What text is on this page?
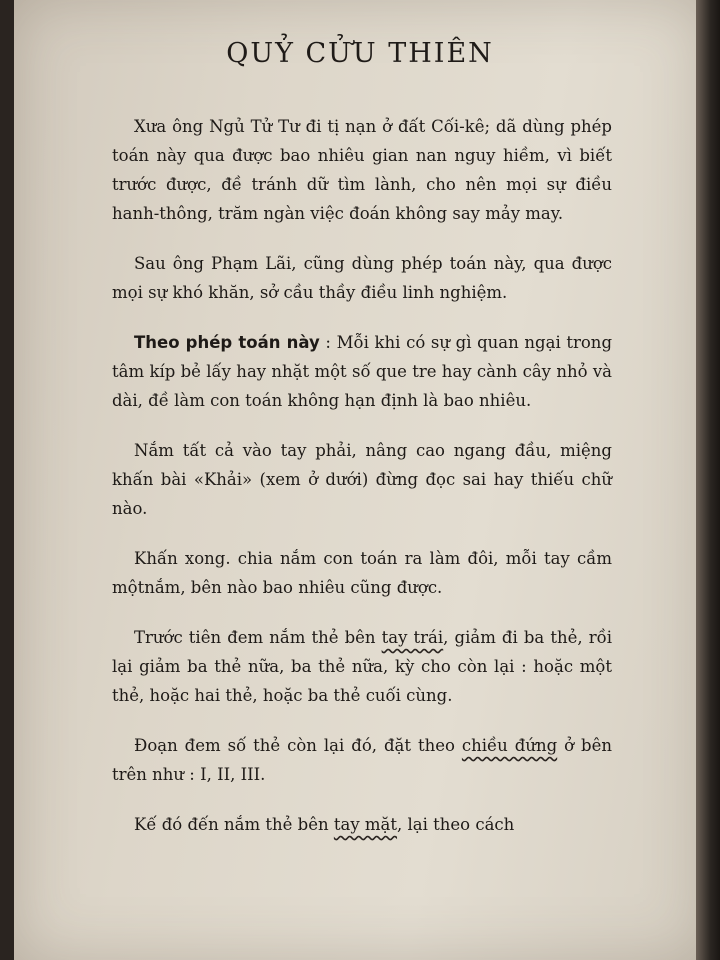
QUỶ CỬU THIÊN

Xưa ông Ngủ Tử Tư đi tị nạn ở đất Cối-kê; dã dùng phép toán này qua được bao nhiêu gian nan nguy hiềm, vì biết trước được, đề tránh dữ tìm lành, cho nên mọi sự điều hanh-thông, trăm ngàn việc đoán không say mảy may.

Sau ông Phạm Lãi, cũng dùng phép toán này, qua được mọi sự khó khăn, sở cầu thầy điều linh nghiệm.

Theo phép toán này : Mỗi khi có sự gì quan ngại trong tâm kíp bẻ lấy hay nhặt một số que tre hay cành cây nhỏ và dài, đề làm con toán không hạn định là bao nhiêu.

Nắm tất cả vào tay phải, nâng cao ngang đầu, miệng khấn bài «Khải» (xem ở dưới) đừng đọc sai hay thiếu chữ nào.

Khấn xong. chia nắm con toán ra làm đôi, mỗi tay cầm mộtnắm, bên nào bao nhiêu cũng được.

Trước tiên đem nắm thẻ bên tay trái, giảm đi ba thẻ, rồi lại giảm ba thẻ nữa, ba thẻ nữa, kỳ cho còn lại : hoặc một thẻ, hoặc hai thẻ, hoặc ba thẻ cuối cùng.

Đoạn đem số thẻ còn lại đó, đặt theo chiều đứng ở bên trên như : I, II, III.

Kế đó đến nắm thẻ bên tay mặt, lại theo cách
